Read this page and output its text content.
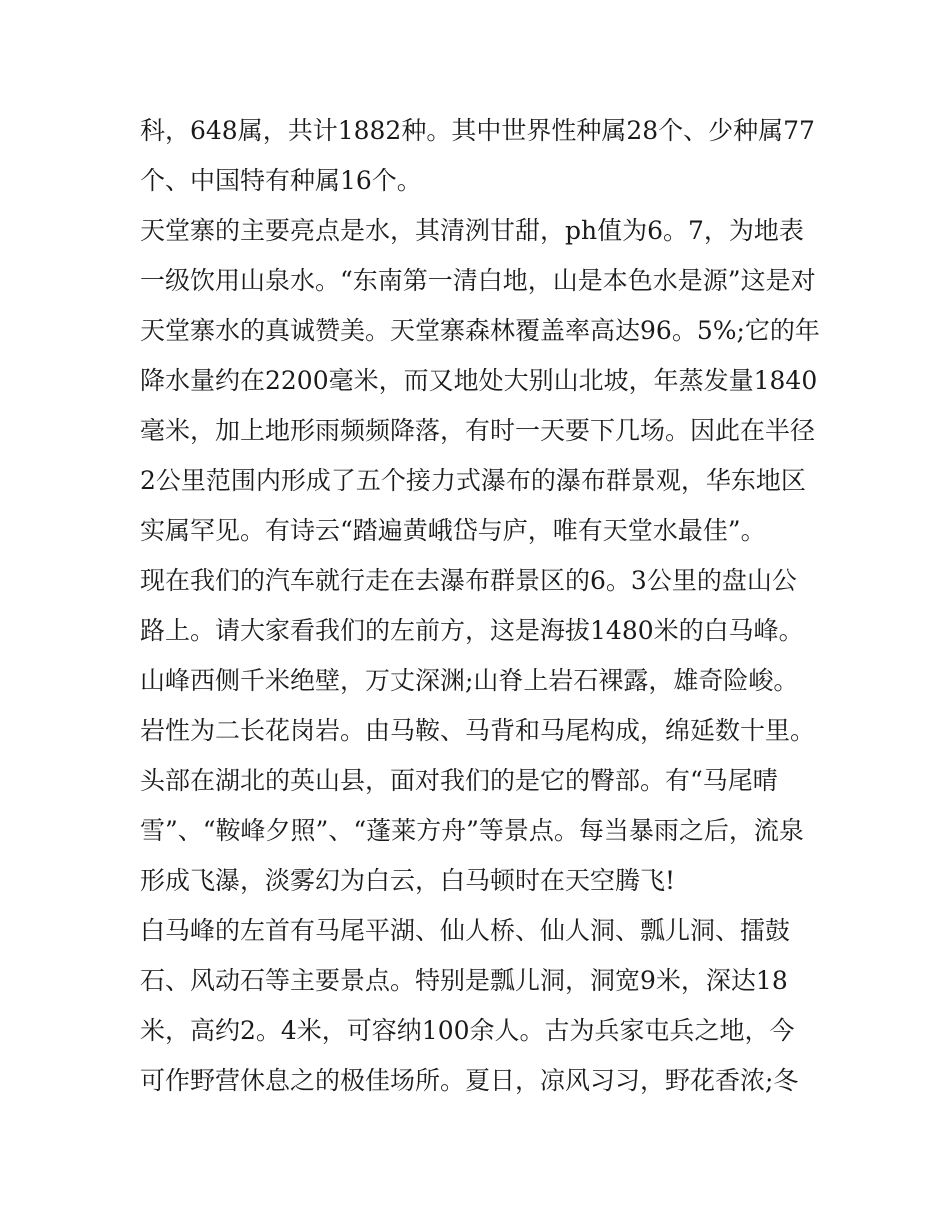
科，648属，共计1882种。其中世界性种属28个、少种属77
个、中国特有种属16个。
天堂寨的主要亮点是水，其清洌甘甜，ph值为6。7，为地表
一级饮用山泉水。“东南第一清白地，山是本色水是源”这是对
天堂寨水的真诚赞美。天堂寨森林覆盖率高达96。5%;它的年
降水量约在2200毫米，而又地处大别山北坡，年蒸发量1840
毫米，加上地形雨频频降落，有时一天要下几场。因此在半径
2公里范围内形成了五个接力式瀑布的瀑布群景观，华东地区
实属罕见。有诗云“踏遍黄峨岱与庐，唯有天堂水最佳”。
现在我们的汽车就行走在去瀑布群景区的6。3公里的盘山公
路上。请大家看我们的左前方，这是海拔1480米的白马峰。
山峰西侧千米绝壁，万丈深渊;山脊上岩石裸露，雄奇险峻。
岩性为二长花岗岩。由马鞍、马背和马尾构成，绵延数十里。
头部在湖北的英山县，面对我们的是它的臀部。有“马尾晴
雪”、“鞍峰夕照”、“蓬莱方舟”等景点。每当暴雨之后，流泉
形成飞瀑，淡雾幻为白云，白马顿时在天空腾飞!
白马峰的左首有马尾平湖、仙人桥、仙人洞、瓢儿洞、擂鼓
石、风动石等主要景点。特别是瓢儿洞，洞宽9米，深达18
米，高约2。4米，可容纳100余人。古为兵家屯兵之地，今
可作野营休息之的极佳场所。夏日，凉风习习，野花香浓;冬
